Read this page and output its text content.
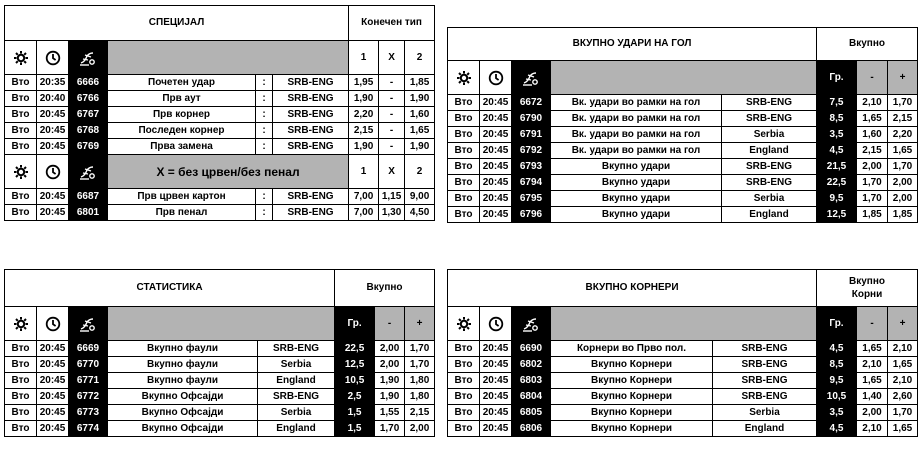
СПЕЦИЈАЛ						Конечен тип		

		1	X	2
Вто	20:35	6666	Почетен удар	:	SRB-ENG	1,95	-	1,85
Вто	20:40	6766	Прв аут	:	SRB-ENG	1,90	-	1,90
Вто	20:45	6767	Прв корнер	:	SRB-ENG	2,20	-	1,60
Вто	20:45	6768	Последен корнер	:	SRB-ENG	2,15	-	1,65
Вто	20:45	6769	Прва замена	:	SRB-ENG	1,90	-	1,90

	X = без црвен/без пенал			1	X	2
Вто	20:45	6687	Прв црвен картон	:	SRB-ENG	7,00	1,15	9,00
Вто	20:45	6801	Прв пенал	:	SRB-ENG	7,00	1,30	4,50
ВКУПНО УДАРИ НА ГОЛ					Вкупно		

		Гр.	-	+
Вто	20:45	6672	Вк. удари во рамки на гол	SRB-ENG	7,5	2,10	1,70
Вто	20:45	6790	Вк. удари во рамки на гол	SRB-ENG	8,5	1,65	2,15
Вто	20:45	6791	Вк. удари во рамки на гол	Serbia	3,5	1,60	2,20
Вто	20:45	6792	Вк. удари во рамки на гол	England	4,5	2,15	1,65
Вто	20:45	6793	Вкупно удари	SRB-ENG	21,5	2,00	1,70
Вто	20:45	6794	Вкупно удари	SRB-ENG	22,5	1,70	2,00
Вто	20:45	6795	Вкупно удари	Serbia	9,5	1,70	2,00
Вто	20:45	6796	Вкупно удари	England	12,5	1,85	1,85
СТАТИСТИКА					Вкупно		

		Гр.	-	+
Вто	20:45	6669	Вкупно фаули	SRB-ENG	22,5	2,00	1,70
Вто	20:45	6770	Вкупно фаули	Serbia	12,5	2,00	1,70
Вто	20:45	6771	Вкупно фаули	England	10,5	1,90	1,80
Вто	20:45	6772	Вкупно Офсајди	SRB-ENG	2,5	1,90	1,80
Вто	20:45	6773	Вкупно Офсајди	Serbia	1,5	1,55	2,15
Вто	20:45	6774	Вкупно Офсајди	England	1,5	1,70	2,00
ВКУПНО КОРНЕРИ					Вкупно
Корни		

		Гр.	-	+
Вто	20:45	6690	Корнери во Прво пол.	SRB-ENG	4,5	1,65	2,10
Вто	20:45	6802	Вкупно Корнери	SRB-ENG	8,5	2,10	1,65
Вто	20:45	6803	Вкупно Корнери	SRB-ENG	9,5	1,65	2,10
Вто	20:45	6804	Вкупно Корнери	SRB-ENG	10,5	1,40	2,60
Вто	20:45	6805	Вкупно Корнери	Serbia	3,5	2,00	1,70
Вто	20:45	6806	Вкупно Корнери	England	4,5	2,10	1,65
